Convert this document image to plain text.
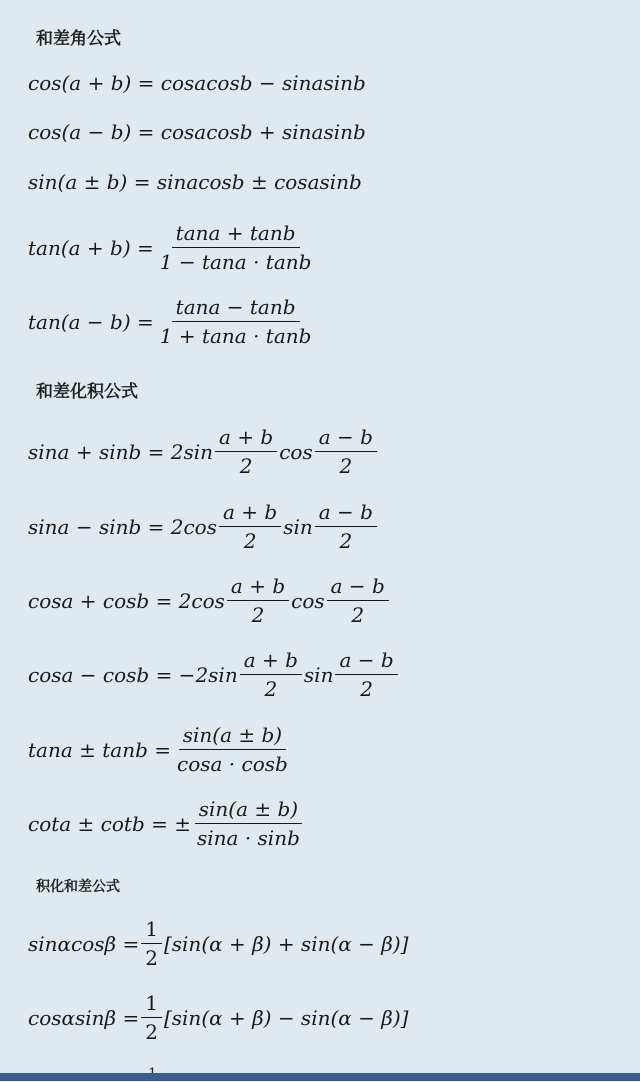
和差角公式
cos(a + b) = cosacosb − sinasinb
cos(a − b) = cosacosb + sinasinb
sin(a ± b) = sinacosb ± cosasinb
$\tan(a + b) = \frac{\tan a + \tan b}{1 - \tan a \cdot \tan b}$
$\tan(a - b) = \frac{\tan a - \tan b}{1 + \tan a \cdot \tan b}$
和差化积公式
$\sin a + \sin b = 2\sin \frac{a + b}{2}$ $\cos \frac{a - b}{2}$
$\sin a - \sin b = 2\cos \frac{a + b}{2}$ $\sin \frac{a - b}{2}$
$\cos a + \cos b = 2\cos \frac{a + b}{2}$ $\cos \frac{a - b}{2}$
$\cos a - \cos b = -2\sin \frac{a + b}{2}$ $\sin \frac{a - b}{2}$
$\tan a \pm \tan b = \frac{\sin(a \pm b)}{\cos a \cdot \cos b}$
cota ± cotb = ± $\frac{\sin(a \pm b)}{\sin a \cdot \sin b}$
积化和差公式
$\sin\alpha\cos\beta = \frac{1}{2} [\sin(\alpha + \beta) + \sin(\alpha - \beta)]$
$\cos\alpha\sin\beta = \frac{1}{2} [\sin(\alpha + \beta) - \sin(\alpha - \beta)]$
